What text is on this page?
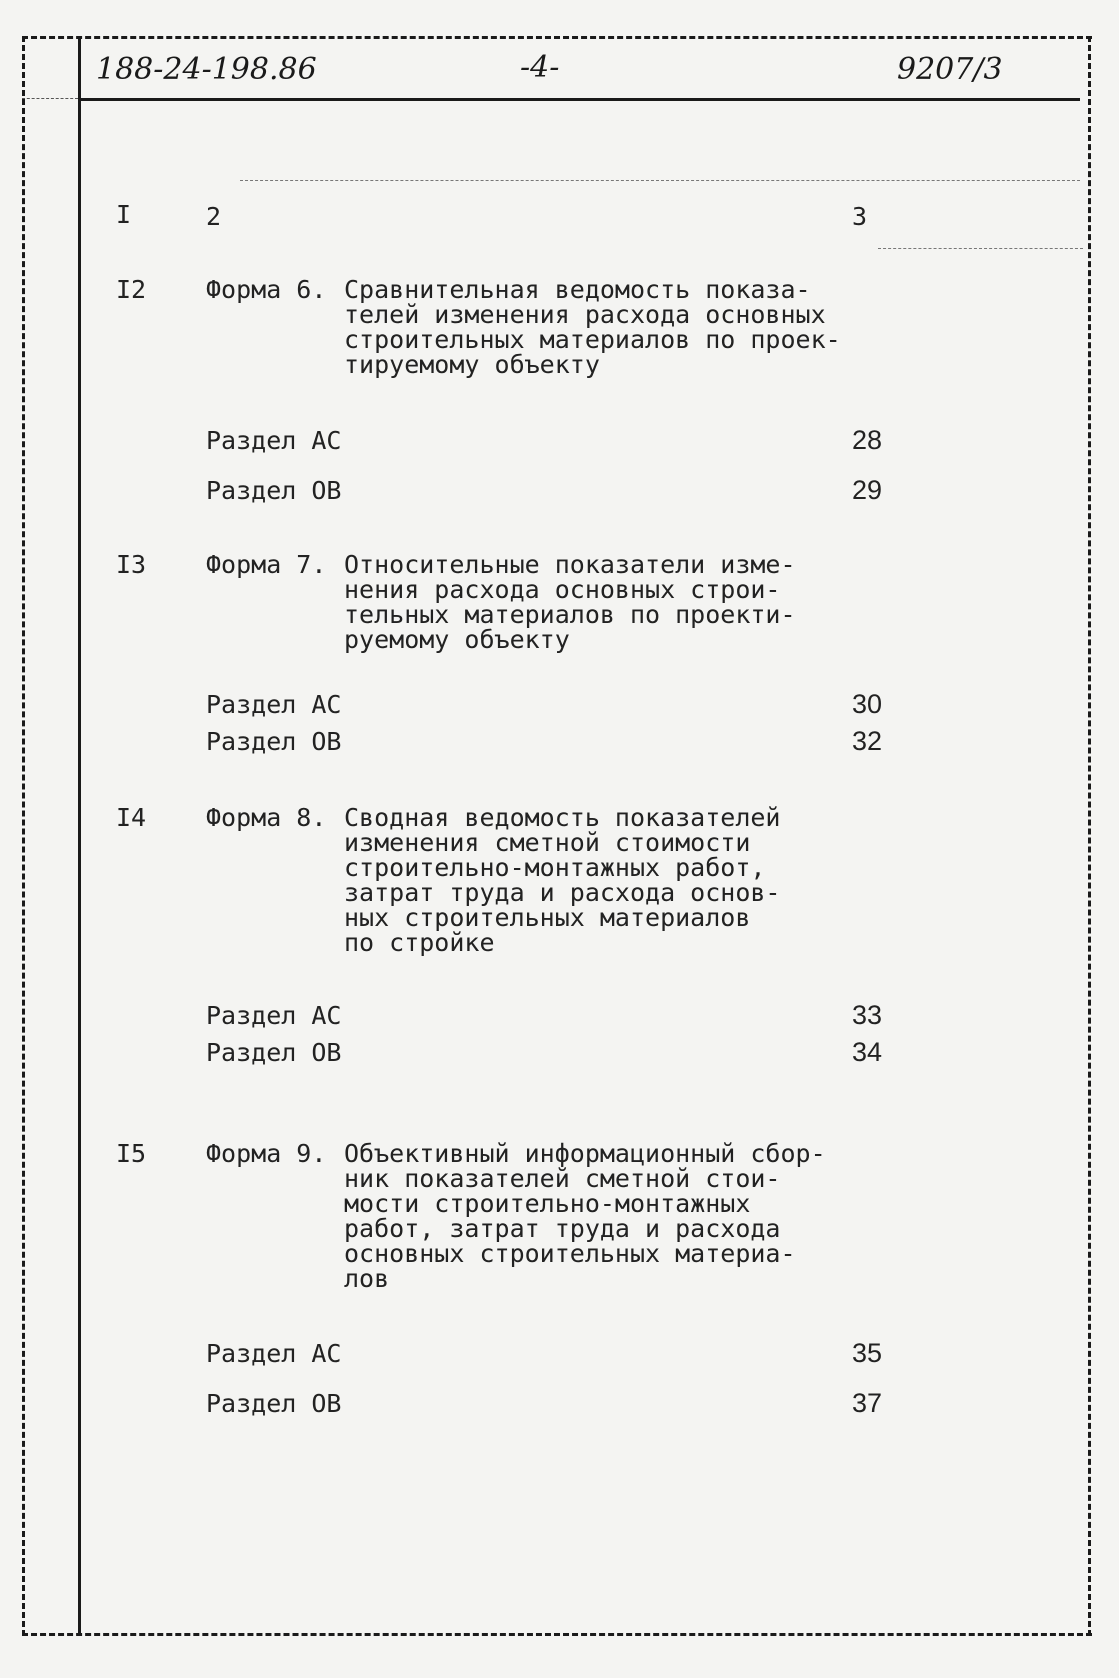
188-24-198.86	-4-	9207/3
I	2	3
I2 Форма 6. Сравнительная ведомость показа-
телей изменения расхода основных
строительных материалов по проек-
тируемому объекту
Раздел АС	28
Раздел ОВ	29
I3 Форма 7. Относительные показатели изме-
нения расхода основных строи-
тельных материалов по проекти-
руемому объекту
Раздел АС	30
Раздел ОВ	32
I4 Форма 8. Сводная ведомость показателей
изменения сметной стоимости
строительно-монтажных работ,
затрат труда и расхода основ-
ных строительных материалов
по стройке
Раздел АС	33
Раздел ОВ	34
I5 Форма 9. Объективный информационный сбор-
ник показателей сметной стои-
мости строительно-монтажных
работ, затрат труда и расхода
основных строительных материа-
лов
Раздел АС	35
Раздел ОВ	37
